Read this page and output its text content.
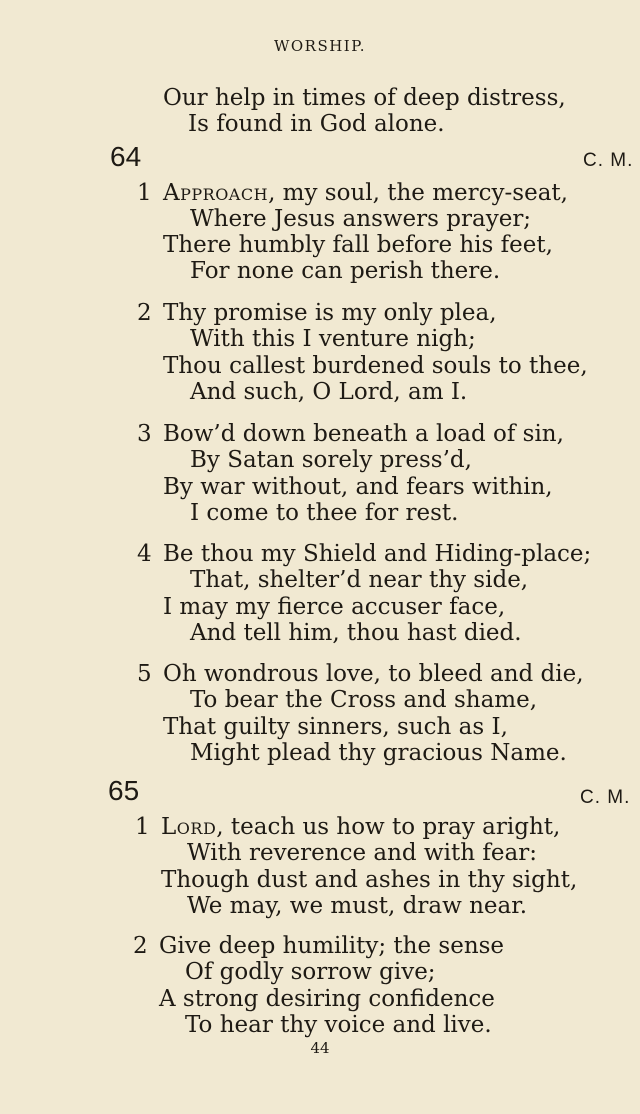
WORSHIP.
Our help in times of deep distress,
Is found in God alone.
64	C. M.
1 Approach, my soul, the mercy-seat,
Where Jesus answers prayer;
There humbly fall before his feet,
For none can perish there.
2 Thy promise is my only plea,
With this I venture nigh;
Thou callest burdened souls to thee,
And such, O Lord, am I.
3 Bow’d down beneath a load of sin,
By Satan sorely press’d,
By war without, and fears within,
I come to thee for rest.
4 Be thou my Shield and Hiding-place;
That, shelter’d near thy side,
I may my fierce accuser face,
And tell him, thou hast died.
5 Oh wondrous love, to bleed and die,
To bear the Cross and shame,
That guilty sinners, such as I,
Might plead thy gracious Name.
65	C. M.
1 Lord, teach us how to pray aright,
With reverence and with fear:
Though dust and ashes in thy sight,
We may, we must, draw near.
2 Give deep humility; the sense
Of godly sorrow give;
A strong desiring confidence
To hear thy voice and live.
44
